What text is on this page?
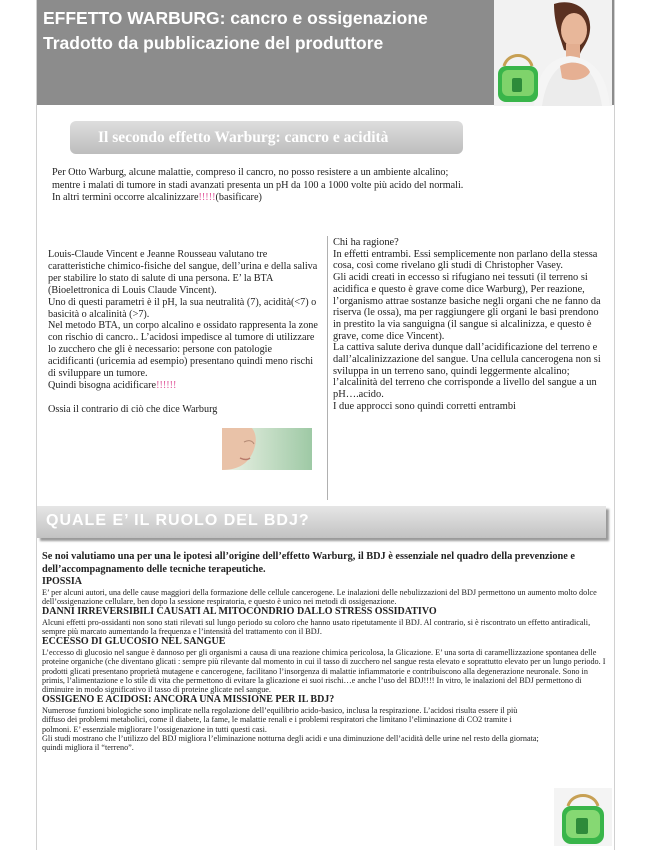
EFFETTO WARBURG: cancro e ossigenazione
Tradotto da pubblicazione del produttore
Il secondo effetto Warburg: cancro e acidità

Per Otto Warburg, alcune malattie, compreso il cancro, no posso resistere a un ambiente alcalino;

mentre i malati di tumore in stadi avanzati presenta un pH da 100 a 1000 volte più acido del normali.

In altri termini occorre alcalinizzare!!!!!(basificare)

Louis-Claude Vincent e Jeanne Rousseau valutano tre caratteristiche chimico-fisiche del sangue, dell’urina e della saliva per stabilire lo stato di salute di una persona. E’ la BTA (Bioelettronica di Louis Claude Vincent).

Uno di questi parametri è il pH, la sua neutralità (7), acidità(<7) o basicità o alcalinità (>7).

Nel metodo BTA, un corpo alcalino e ossidato rappresenta la zone con rischio di cancro.. L’acidosi impedisce al tumore di utilizzare lo zucchero che gli è necessario: persone con patologie acidificanti (uricemia ad esempio) presentano quindi meno rischi di sviluppare un tumore.

Quindi bisogna acidificare!!!!!!

Ossia il contrario di ciò che dice Warburg

Chi ha ragione?

In effetti entrambi. Essi semplicemente non parlano della stessa cosa, così come rivelano gli studi di Christopher Vasey.

Gli acidi creati in eccesso si rifugiano nei tessuti (il terreno si acidifica e questo è grave come dice Warburg), Per reazione, l’organismo attrae sostanze basiche negli organi che ne fanno da riserva (le ossa), ma per raggiungere gli organi le basi prendono in prestito la via sanguigna (il sangue si alcalinizza, e questo è grave, come dice Vincent).

La cattiva salute deriva dunque dall’acidificazione del terreno e dall’alcalinizzazione del sangue. Una cellula cancerogena non si sviluppa in un terreno sano, quindi leggermente alcalino; l’alcalinità del terreno che corrisponde a livello del sangue a un pH….acido.

I due approcci sono quindi corretti entrambi

QUALE E’ IL RUOLO DEL BDJ?

Se noi valutiamo una per una le ipotesi all’origine dell’effetto Warburg, il BDJ è essenziale nel quadro della prevenzione e dell’accompagnamento delle tecniche terapeutiche.

IPOSSIA

E’ per alcuni autori, una delle cause maggiori della formazione delle cellule cancerogene. Le inalazioni delle nebulizzazioni del BDJ permettono un aumento molto dolce dell’ossigenazione cellulare, ben dopo la sessione respiratoria, e questo è unico nei metodi di ossigenazione.

DANNI IRREVERSIBILI CAUSATI AL MITOCONDRIO DALLO STRESS OSSIDATIVO

Alcuni effetti pro-ossidanti non sono stati rilevati sul lungo periodo su coloro che hanno usato ripetutamente il BDJ. Al contrario, si è riscontrato un effetto antiradicali, sempre più marcato aumentando la frequenza e l’intensità del trattamento con il BDJ.

ECCESSO DI GLUCOSIO NEL SANGUE

L’eccesso di glucosio nel sangue è dannoso per gli organismi a causa di una reazione chimica pericolosa, la Glicazione. E’ una sorta di caramellizzazione spontanea delle proteine organiche (che diventano glicati : sempre più rilevante dal momento in cui il tasso di zucchero nel sangue resta elevato e soprattutto elevato per un lungo periodo. I prodotti glicati presentano proprietà mutagene e cancerogene, facilitano l’insorgenza di malattie infiammatorie e contribuiscono alla degenerazione neuronale. Sono in primis, l’alimentazione e lo stile di vita che permettono di evitare la glicazione ei suoi rischi…e anche l’uso del BDJ!!!! In vitro, le inalazioni del BDJ permettono di diminuire in modo significativo il tasso di proteine glicate nel sangue.

OSSIGENO E ACIDOSI: ANCORA UNA MISSIONE PER IL BDJ?

Numerose funzioni biologiche sono implicate nella regolazione dell’equilibrio acido-basico, inclusa la respirazione. L’acidosi risulta essere il più diffuso dei problemi metabolici, come il diabete, la fame, le malattie renali e i problemi respiratori che limitano l’eliminazione di CO2 tramite i polmoni. E’ essenziale migliorare l’ossigenazione in tutti questi casi.

Gli studi mostrano che l’utilizzo del BDJ migliora l’eliminazione notturna degli acidi e una diminuzione dell’acidità delle urine nel resto della giornata; quindi migliora il “terreno”.
